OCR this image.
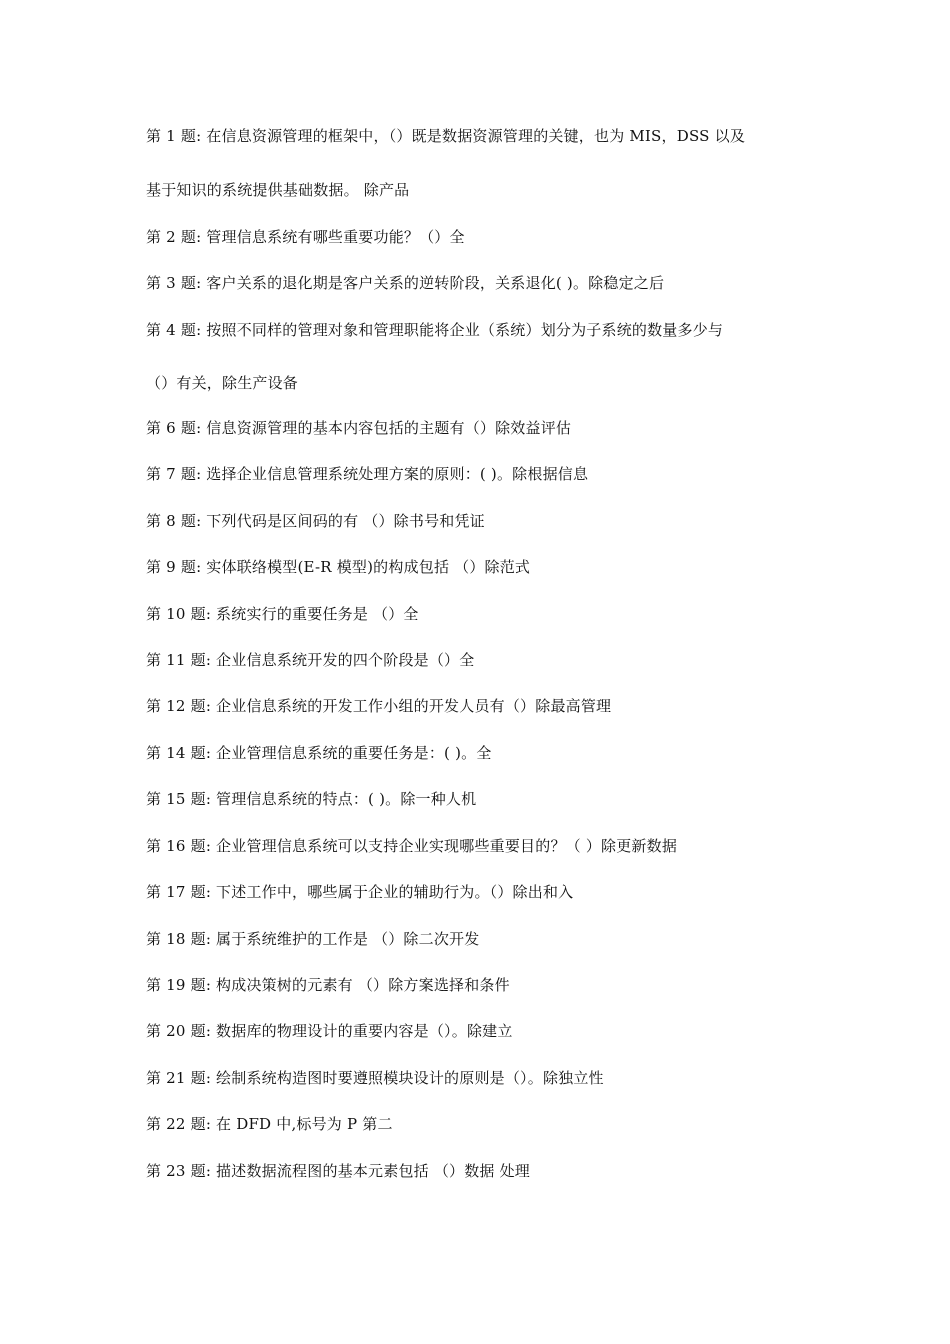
第 1 题: 在信息资源管理的框架中，（）既是数据资源管理的关键，也为 MIS，DSS 以及
基于知识的系统提供基础数据。 除产品
第 2 题: 管理信息系统有哪些重要功能？（）全
第 3 题: 客户关系的退化期是客户关系的逆转阶段，关系退化( )。除稳定之后
第 4 题: 按照不同样的管理对象和管理职能将企业（系统）划分为子系统的数量多少与
（）有关，除生产设备
第 6 题: 信息资源管理的基本内容包括的主题有（）除效益评估
第 7 题: 选择企业信息管理系统处理方案的原则：( )。除根据信息
第 8 题: 下列代码是区间码的有 （）除书号和凭证
第 9 题: 实体联络模型(E-R 模型)的构成包括 （）除范式
第 10 题: 系统实行的重要任务是 （）全
第 11 题: 企业信息系统开发的四个阶段是（）全
第 12 题: 企业信息系统的开发工作小组的开发人员有（）除最高管理
第 14 题: 企业管理信息系统的重要任务是：( )。全
第 15 题: 管理信息系统的特点：( )。除一种人机
第 16 题: 企业管理信息系统可以支持企业实现哪些重要目的？（ ）除更新数据
第 17 题: 下述工作中，哪些属于企业的辅助行为。（）除出和入
第 18 题: 属于系统维护的工作是 （）除二次开发
第 19 题: 构成决策树的元素有 （）除方案选择和条件
第 20 题: 数据库的物理设计的重要内容是（）。除建立
第 21 题: 绘制系统构造图时要遵照模块设计的原则是（）。除独立性
第 22 题: 在 DFD 中,标号为 P 第二
第 23 题: 描述数据流程图的基本元素包括 （）数据 处理
